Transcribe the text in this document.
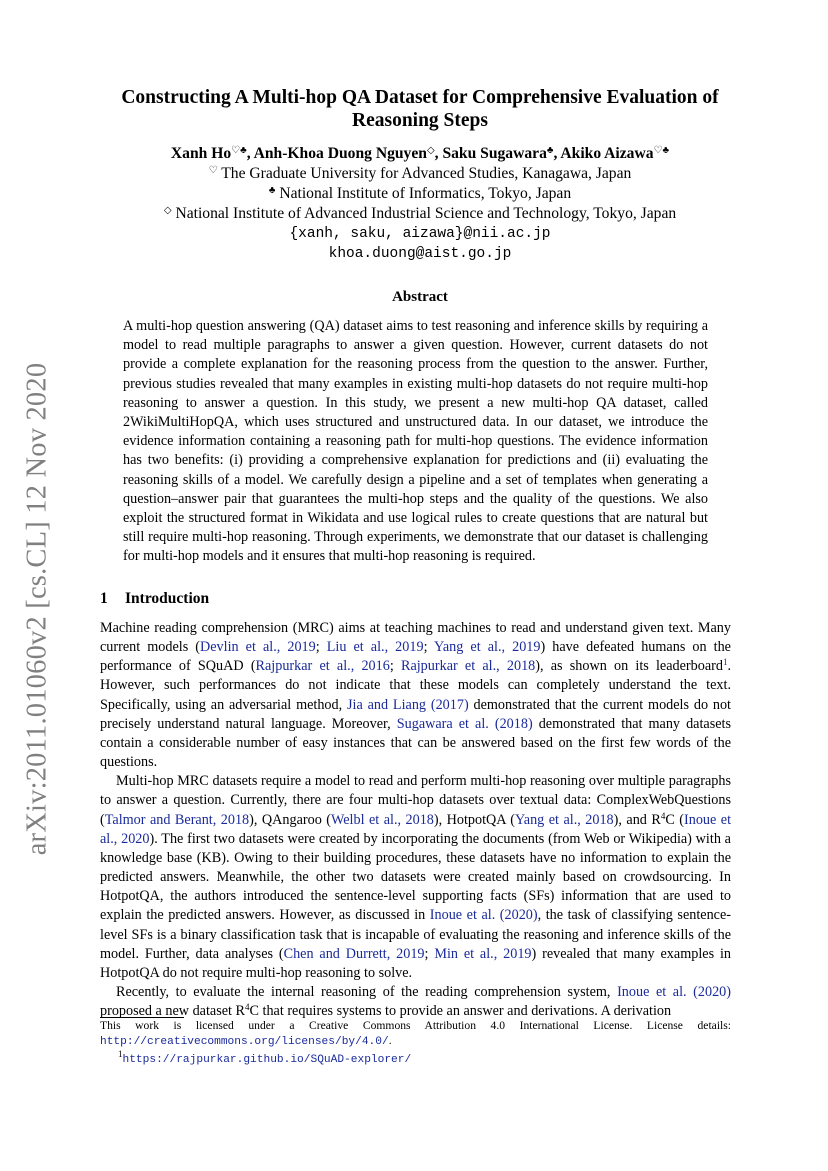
arXiv:2011.01060v2 [cs.CL] 12 Nov 2020
Constructing A Multi-hop QA Dataset for Comprehensive Evaluation of Reasoning Steps
Xanh Ho♡♣, Anh-Khoa Duong Nguyen◇, Saku Sugawara♣, Akiko Aizawa♡♣
♡ The Graduate University for Advanced Studies, Kanagawa, Japan
♣ National Institute of Informatics, Tokyo, Japan
◇ National Institute of Advanced Industrial Science and Technology, Tokyo, Japan
{xanh, saku, aizawa}@nii.ac.jp
khoa.duong@aist.go.jp
Abstract
A multi-hop question answering (QA) dataset aims to test reasoning and inference skills by requiring a model to read multiple paragraphs to answer a given question. However, current datasets do not provide a complete explanation for the reasoning process from the question to the answer. Further, previous studies revealed that many examples in existing multi-hop datasets do not require multi-hop reasoning to answer a question. In this study, we present a new multi-hop QA dataset, called 2WikiMultiHopQA, which uses structured and unstructured data. In our dataset, we introduce the evidence information containing a reasoning path for multi-hop questions. The evidence information has two benefits: (i) providing a comprehensive explanation for predictions and (ii) evaluating the reasoning skills of a model. We carefully design a pipeline and a set of templates when generating a question–answer pair that guarantees the multi-hop steps and the quality of the questions. We also exploit the structured format in Wikidata and use logical rules to create questions that are natural but still require multi-hop reasoning. Through experiments, we demonstrate that our dataset is challenging for multi-hop models and it ensures that multi-hop reasoning is required.
1 Introduction

Machine reading comprehension (MRC) aims at teaching machines to read and understand given text. Many current models (Devlin et al., 2019; Liu et al., 2019; Yang et al., 2019) have defeated humans on the performance of SQuAD (Rajpurkar et al., 2016; Rajpurkar et al., 2018), as shown on its leaderboard$^1$. However, such performances do not indicate that these models can completely understand the text. Specifically, using an adversarial method, Jia and Liang (2017) demonstrated that the current models do not precisely understand natural language. Moreover, Sugawara et al. (2018) demonstrated that many datasets contain a considerable number of easy instances that can be answered based on the first few words of the questions.

Multi-hop MRC datasets require a model to read and perform multi-hop reasoning over multiple paragraphs to answer a question. Currently, there are four multi-hop datasets over textual data: ComplexWebQuestions (Talmor and Berant, 2018), QAngaroo (Welbl et al., 2018), HotpotQA (Yang et al., 2018), and R$^4$C (Inoue et al., 2020). The first two datasets were created by incorporating the documents (from Web or Wikipedia) with a knowledge base (KB). Owing to their building procedures, these datasets have no information to explain the predicted answers. Meanwhile, the other two datasets were created mainly based on crowdsourcing. In HotpotQA, the authors introduced the sentence-level supporting facts (SFs) information that are used to explain the predicted answers. However, as discussed in Inoue et al. (2020), the task of classifying sentence-level SFs is a binary classification task that is incapable of evaluating the reasoning and inference skills of the model. Further, data analyses (Chen and Durrett, 2019; Min et al., 2019) revealed that many examples in HotpotQA do not require multi-hop reasoning to solve.

Recently, to evaluate the internal reasoning of the reading comprehension system, Inoue et al. (2020) proposed a new dataset R$^4$C that requires systems to provide an answer and derivations. A derivation

This work is licensed under a Creative Commons Attribution 4.0 International License. License details: http://creativecommons.org/licenses/by/4.0/.

$^1$https://rajpurkar.github.io/SQuAD-explorer/
